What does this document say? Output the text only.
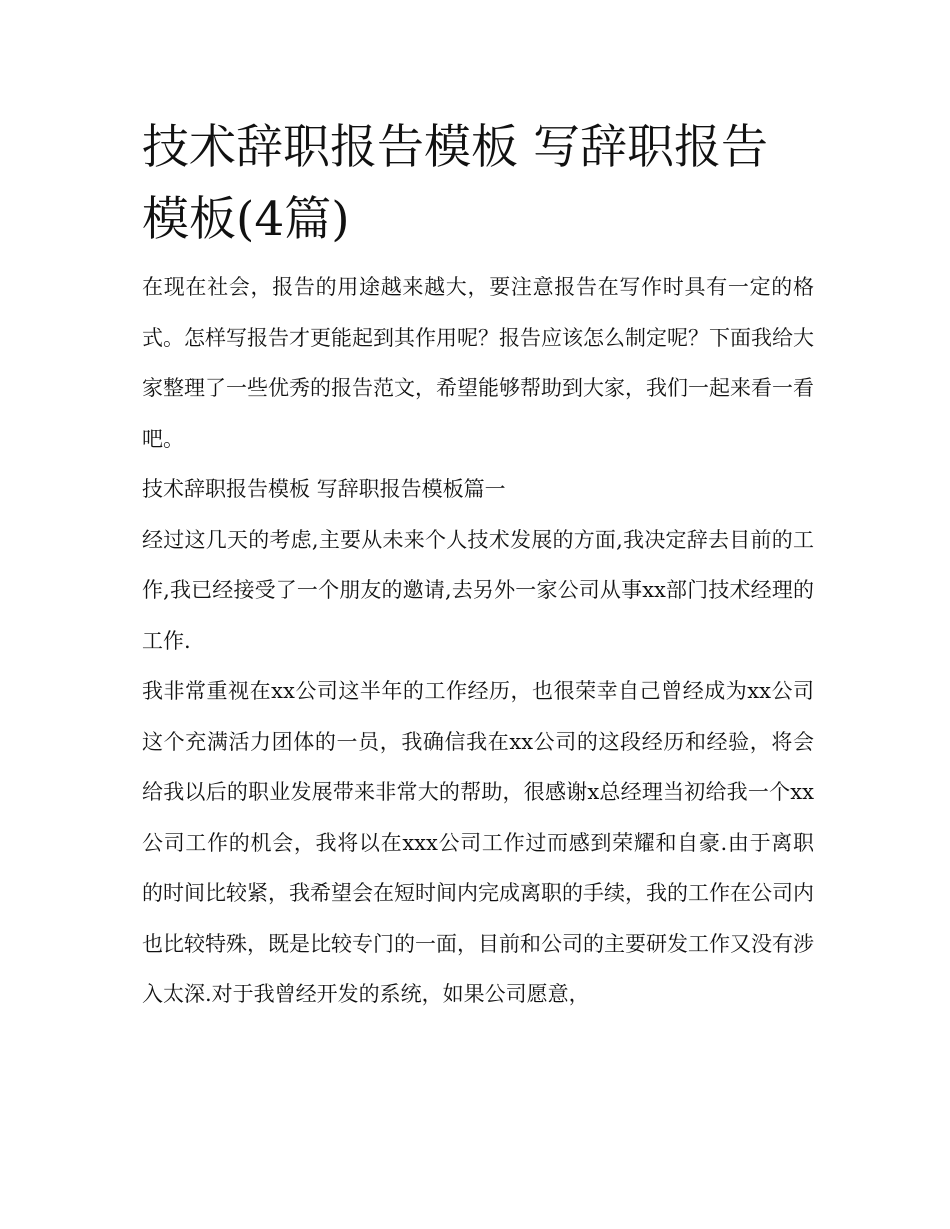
技术辞职报告模板 写辞职报告模板(4篇)

在现在社会，报告的用途越来越大，要注意报告在写作时具有一定的格式。怎样写报告才更能起到其作用呢？报告应该怎么制定呢？下面我给大家整理了一些优秀的报告范文，希望能够帮助到大家，我们一起来看一看吧。

技术辞职报告模板 写辞职报告模板篇一

经过这几天的考虑,主要从未来个人技术发展的方面,我决定辞去目前的工作,我已经接受了一个朋友的邀请,去另外一家公司从事xx部门技术经理的工作.

我非常重视在xx公司这半年的工作经历，也很荣幸自己曾经成为xx公司这个充满活力团体的一员，我确信我在xx公司的这段经历和经验，将会给我以后的职业发展带来非常大的帮助，很感谢x总经理当初给我一个xx公司工作的机会，我将以在xxx公司工作过而感到荣耀和自豪.由于离职的时间比较紧，我希望会在短时间内完成离职的手续，我的工作在公司内也比较特殊，既是比较专门的一面，目前和公司的主要研发工作又没有涉入太深.对于我曾经开发的系统，如果公司愿意，
